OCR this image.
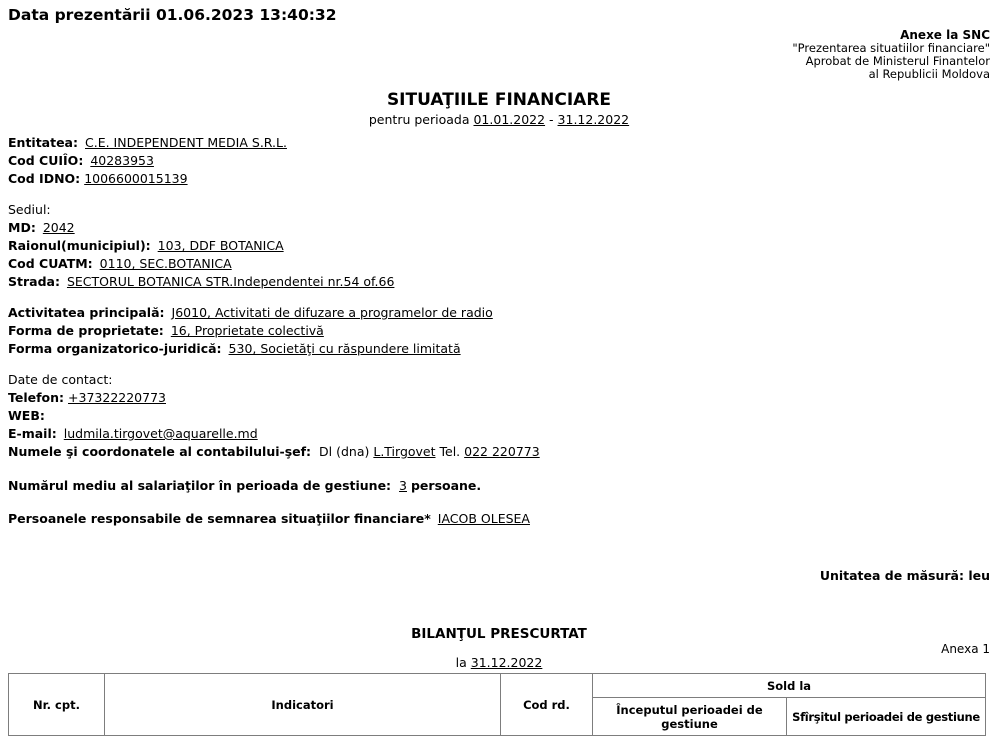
Data prezentării 01.06.2023 13:40:32
Anexe la SNC
"Prezentarea situatiilor financiare"
Aprobat de Ministerul Finantelor
al Republicii Moldova
SITUAŢIILE FINANCIARE
pentru perioada 01.01.2022 - 31.12.2022
Entitatea: C.E. INDEPENDENT MEDIA S.R.L.
Cod CUIÎO: 40283953
Cod IDNO: 1006600015139
Sediul:
MD: 2042
Raionul(municipiul): 103, DDF BOTANICA
Cod CUATM: 0110, SEC.BOTANICA
Strada: SECTORUL BOTANICA STR.Independentei nr.54 of.66
Activitatea principală: J6010, Activitati de difuzare a programelor de radio
Forma de proprietate: 16, Proprietate colectivă
Forma organizatorico-juridică: 530, Societăţi cu răspundere limitată
Date de contact:
Telefon: +37322220773
WEB:
E-mail: ludmila.tirgovet@aquarelle.md
Numele şi coordonatele al contabilului-şef: Dl (dna) L.Tirgovet Tel. 022 220773
Numărul mediu al salariaţilor în perioada de gestiune: 3 persoane.
Persoanele responsabile de semnarea situaţiilor financiare* IACOB OLESEA
Unitatea de măsură: leu
BILANŢUL PRESCURTAT
Anexa 1
la 31.12.2022
Nr. cpt.	Indicatori	Cod rd.	Sold la	
			Începutul perioadei de gestiune	Sfîrşitul perioadei de gestiune
